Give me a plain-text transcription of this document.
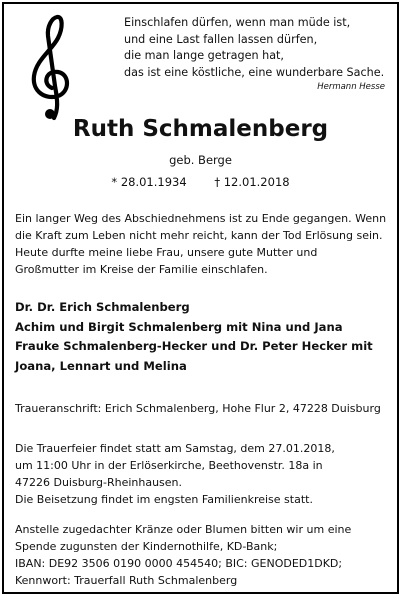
Einschlafen dürfen, wenn man müde ist,
und eine Last fallen lassen dürfen,
die man lange getragen hat,
das ist eine köstliche, eine wunderbare Sache.
Hermann Hesse
Ruth Schmalenberg
geb. Berge
* 28.01.1934 † 12.01.2018
Ein langer Weg des Abschiednehmens ist zu Ende gegangen. Wenn
die Kraft zum Leben nicht mehr reicht, kann der Tod Erlösung sein.
Heute durfte meine liebe Frau, unsere gute Mutter und
Großmutter im Kreise der Familie einschlafen.
Dr. Dr. Erich Schmalenberg
Achim und Birgit Schmalenberg mit Nina und Jana
Frauke Schmalenberg-Hecker und Dr. Peter Hecker mit
Joana, Lennart und Melina
Traueranschrift: Erich Schmalenberg, Hohe Flur 2, 47228 Duisburg
Die Trauerfeier findet statt am Samstag, dem 27.01.2018,
um 11:00 Uhr in der Erlöserkirche, Beethovenstr. 18a in
47226 Duisburg-Rheinhausen.
Die Beisetzung findet im engsten Familienkreise statt.
Anstelle zugedachter Kränze oder Blumen bitten wir um eine
Spende zugunsten der Kindernothilfe, KD-Bank;
IBAN: DE92 3506 0190 0000 454540; BIC: GENODED1DKD;
Kennwort: Trauerfall Ruth Schmalenberg
